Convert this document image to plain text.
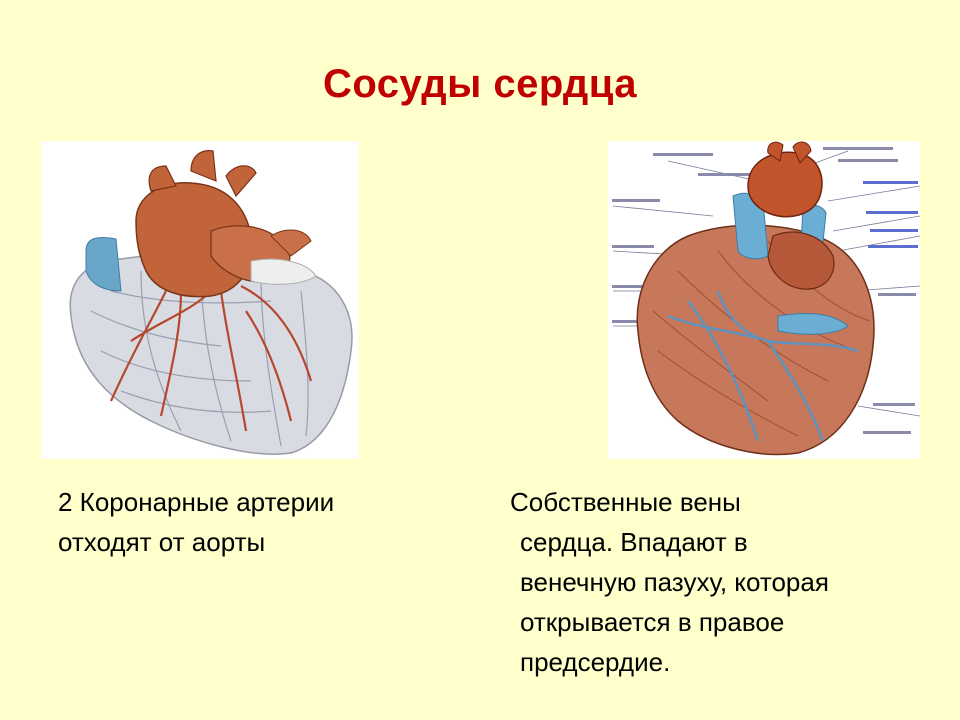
Сосуды сердца
2 Коронарные артерии
отходят от аорты
Собственные вены
сердца. Впадают в
венечную пазуху, которая
открывается в правое
предсердие.
